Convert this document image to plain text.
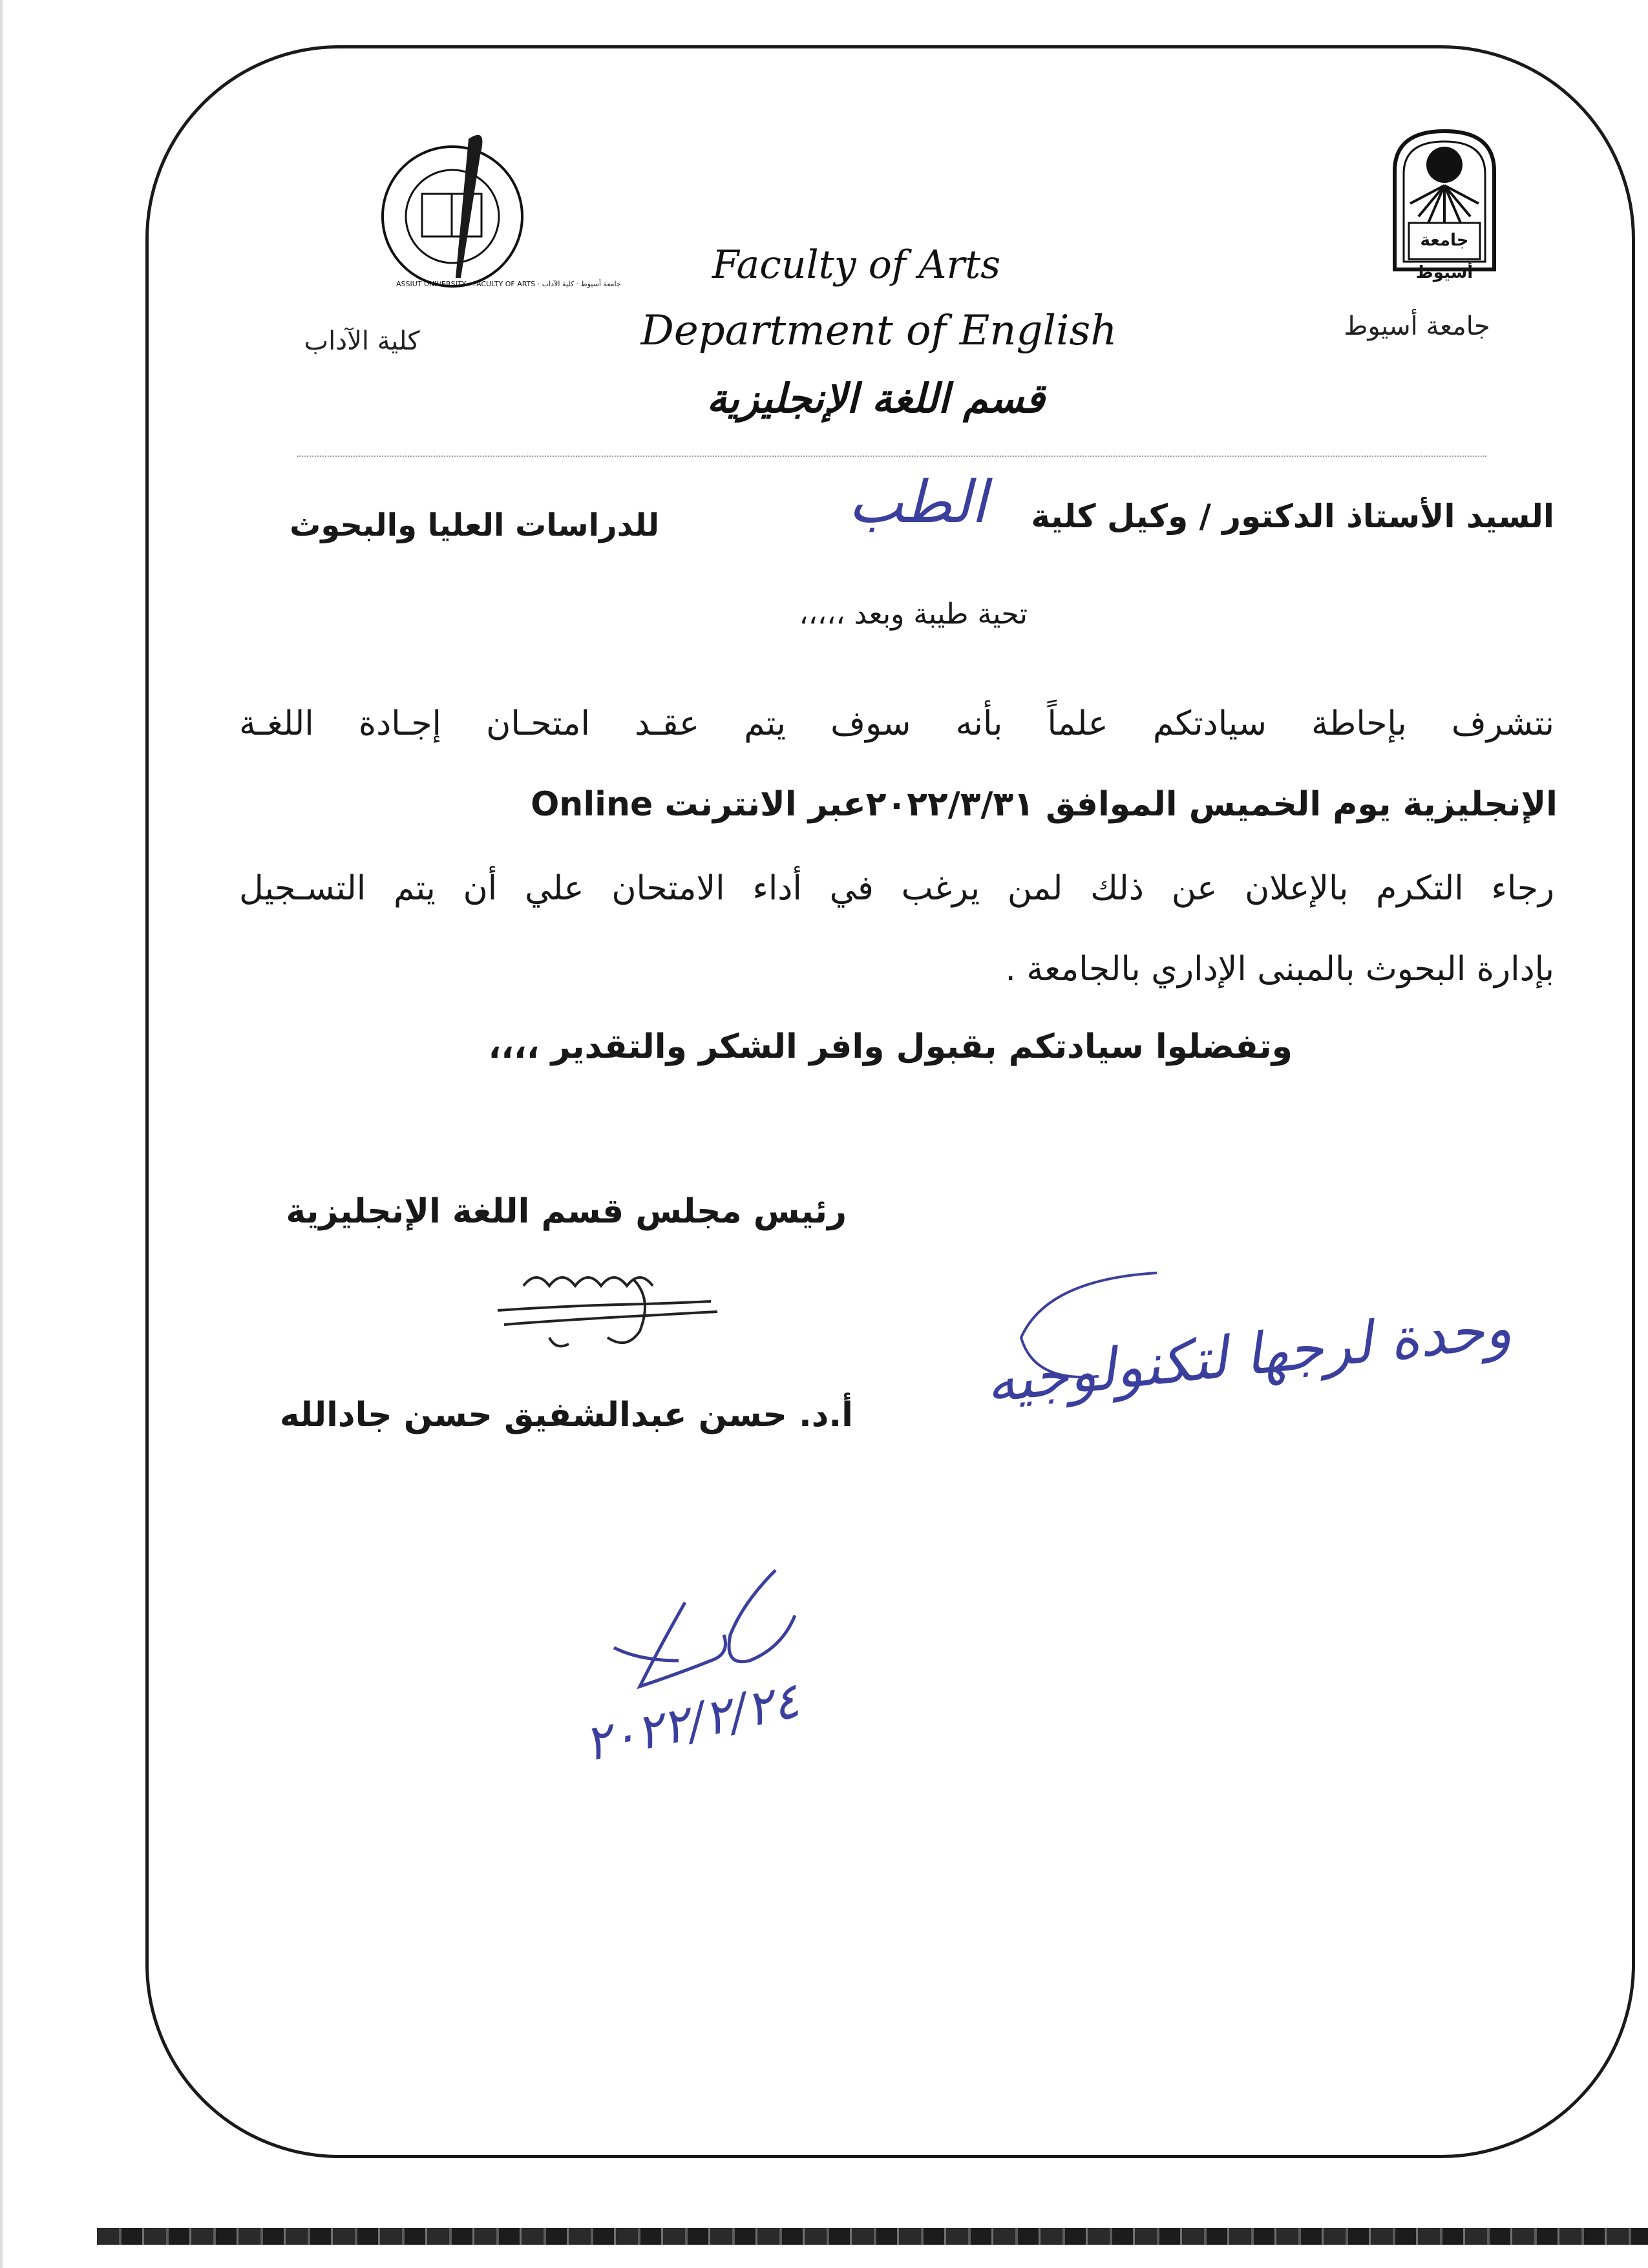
جامعة أسيوط
جامعة أسيوط
ASSIUT UNIVERSITY · FACULTY OF ARTS · جامعة أسيوط · كلية الآداب
كلية الآداب
Faculty of Arts
Department of English
قسم اللغة الإنجليزية
السيد الأستاذ الدكتور / وكيل كلية
الطب
للدراسات العليا والبحوث
تحية طيبة وبعد ،،،،،
نتشرف بإحاطة سيادتكم علماً بأنه سوف يتم عقـد امتحـان إجـادة اللغـة
الإنجليزية يوم الخميس الموافق ٢٠٢٢/٣/٣١عبر الانترنت Online
رجاء التكرم بالإعلان عن ذلك لمن يرغب في أداء الامتحان علي أن يتم التسـجيل
بإدارة البحوث بالمبنى الإداري بالجامعة .
وتفضلوا سيادتكم بقبول وافر الشكر والتقدير ،،،،
رئيس مجلس قسم اللغة الإنجليزية
أ.د. حسن عبدالشفيق حسن جادالله وحدة لرجها لتكنولوجيه
٢٠٢٢/٢/٢٤
